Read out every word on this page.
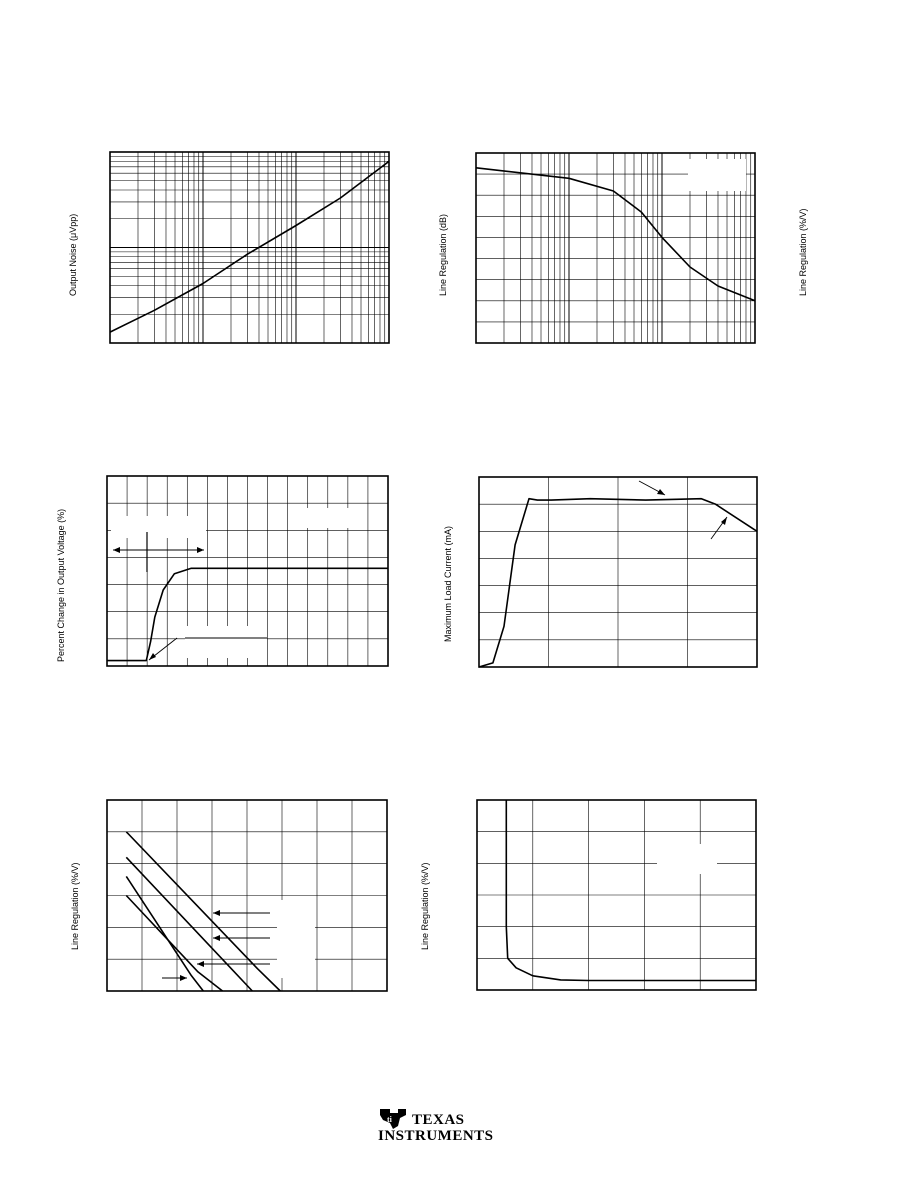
Output Noise (μVpp)	Line Regulation (dB)	Line Regulation (%/V)
Percent Change in Output Voltage (%)	Maximum Load Current (mA)
Line Regulation (%/V)	Line Regulation (%/V)
ti TEXAS
INSTRUMENTS
